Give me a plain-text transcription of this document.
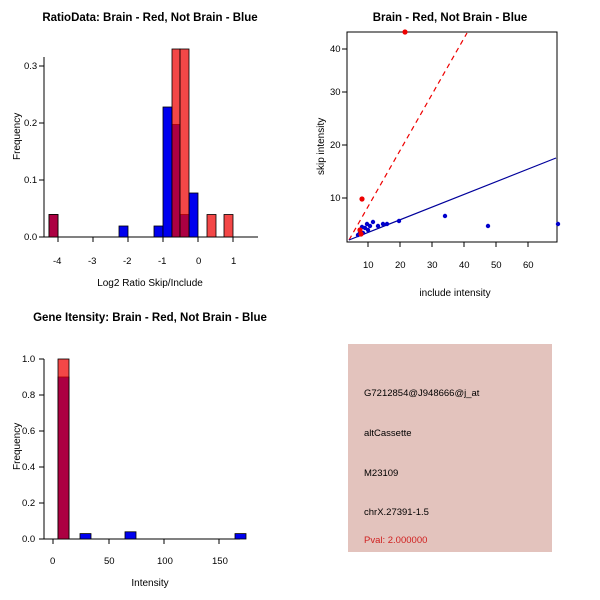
RatioData: Brain - Red, Not Brain - Blue
Frequency
Log2 Ratio Skip/Include
0.0
0.1
0.2
0.3
-4	-3	-2	-1	0	1
Brain - Red, Not Brain - Blue
skip intensity
include intensity
10
20
30
40
10 20 30 40 50 60
Gene Itensity: Brain - Red, Not Brain - Blue
Frequency
Intensity
0.0
0.2
0.4
0.6
0.8
1.0
0	50	100	150
G7212854@J948666@j_at
altCassette
M23109
chrX.27391-1.5
Pval: 2.000000
